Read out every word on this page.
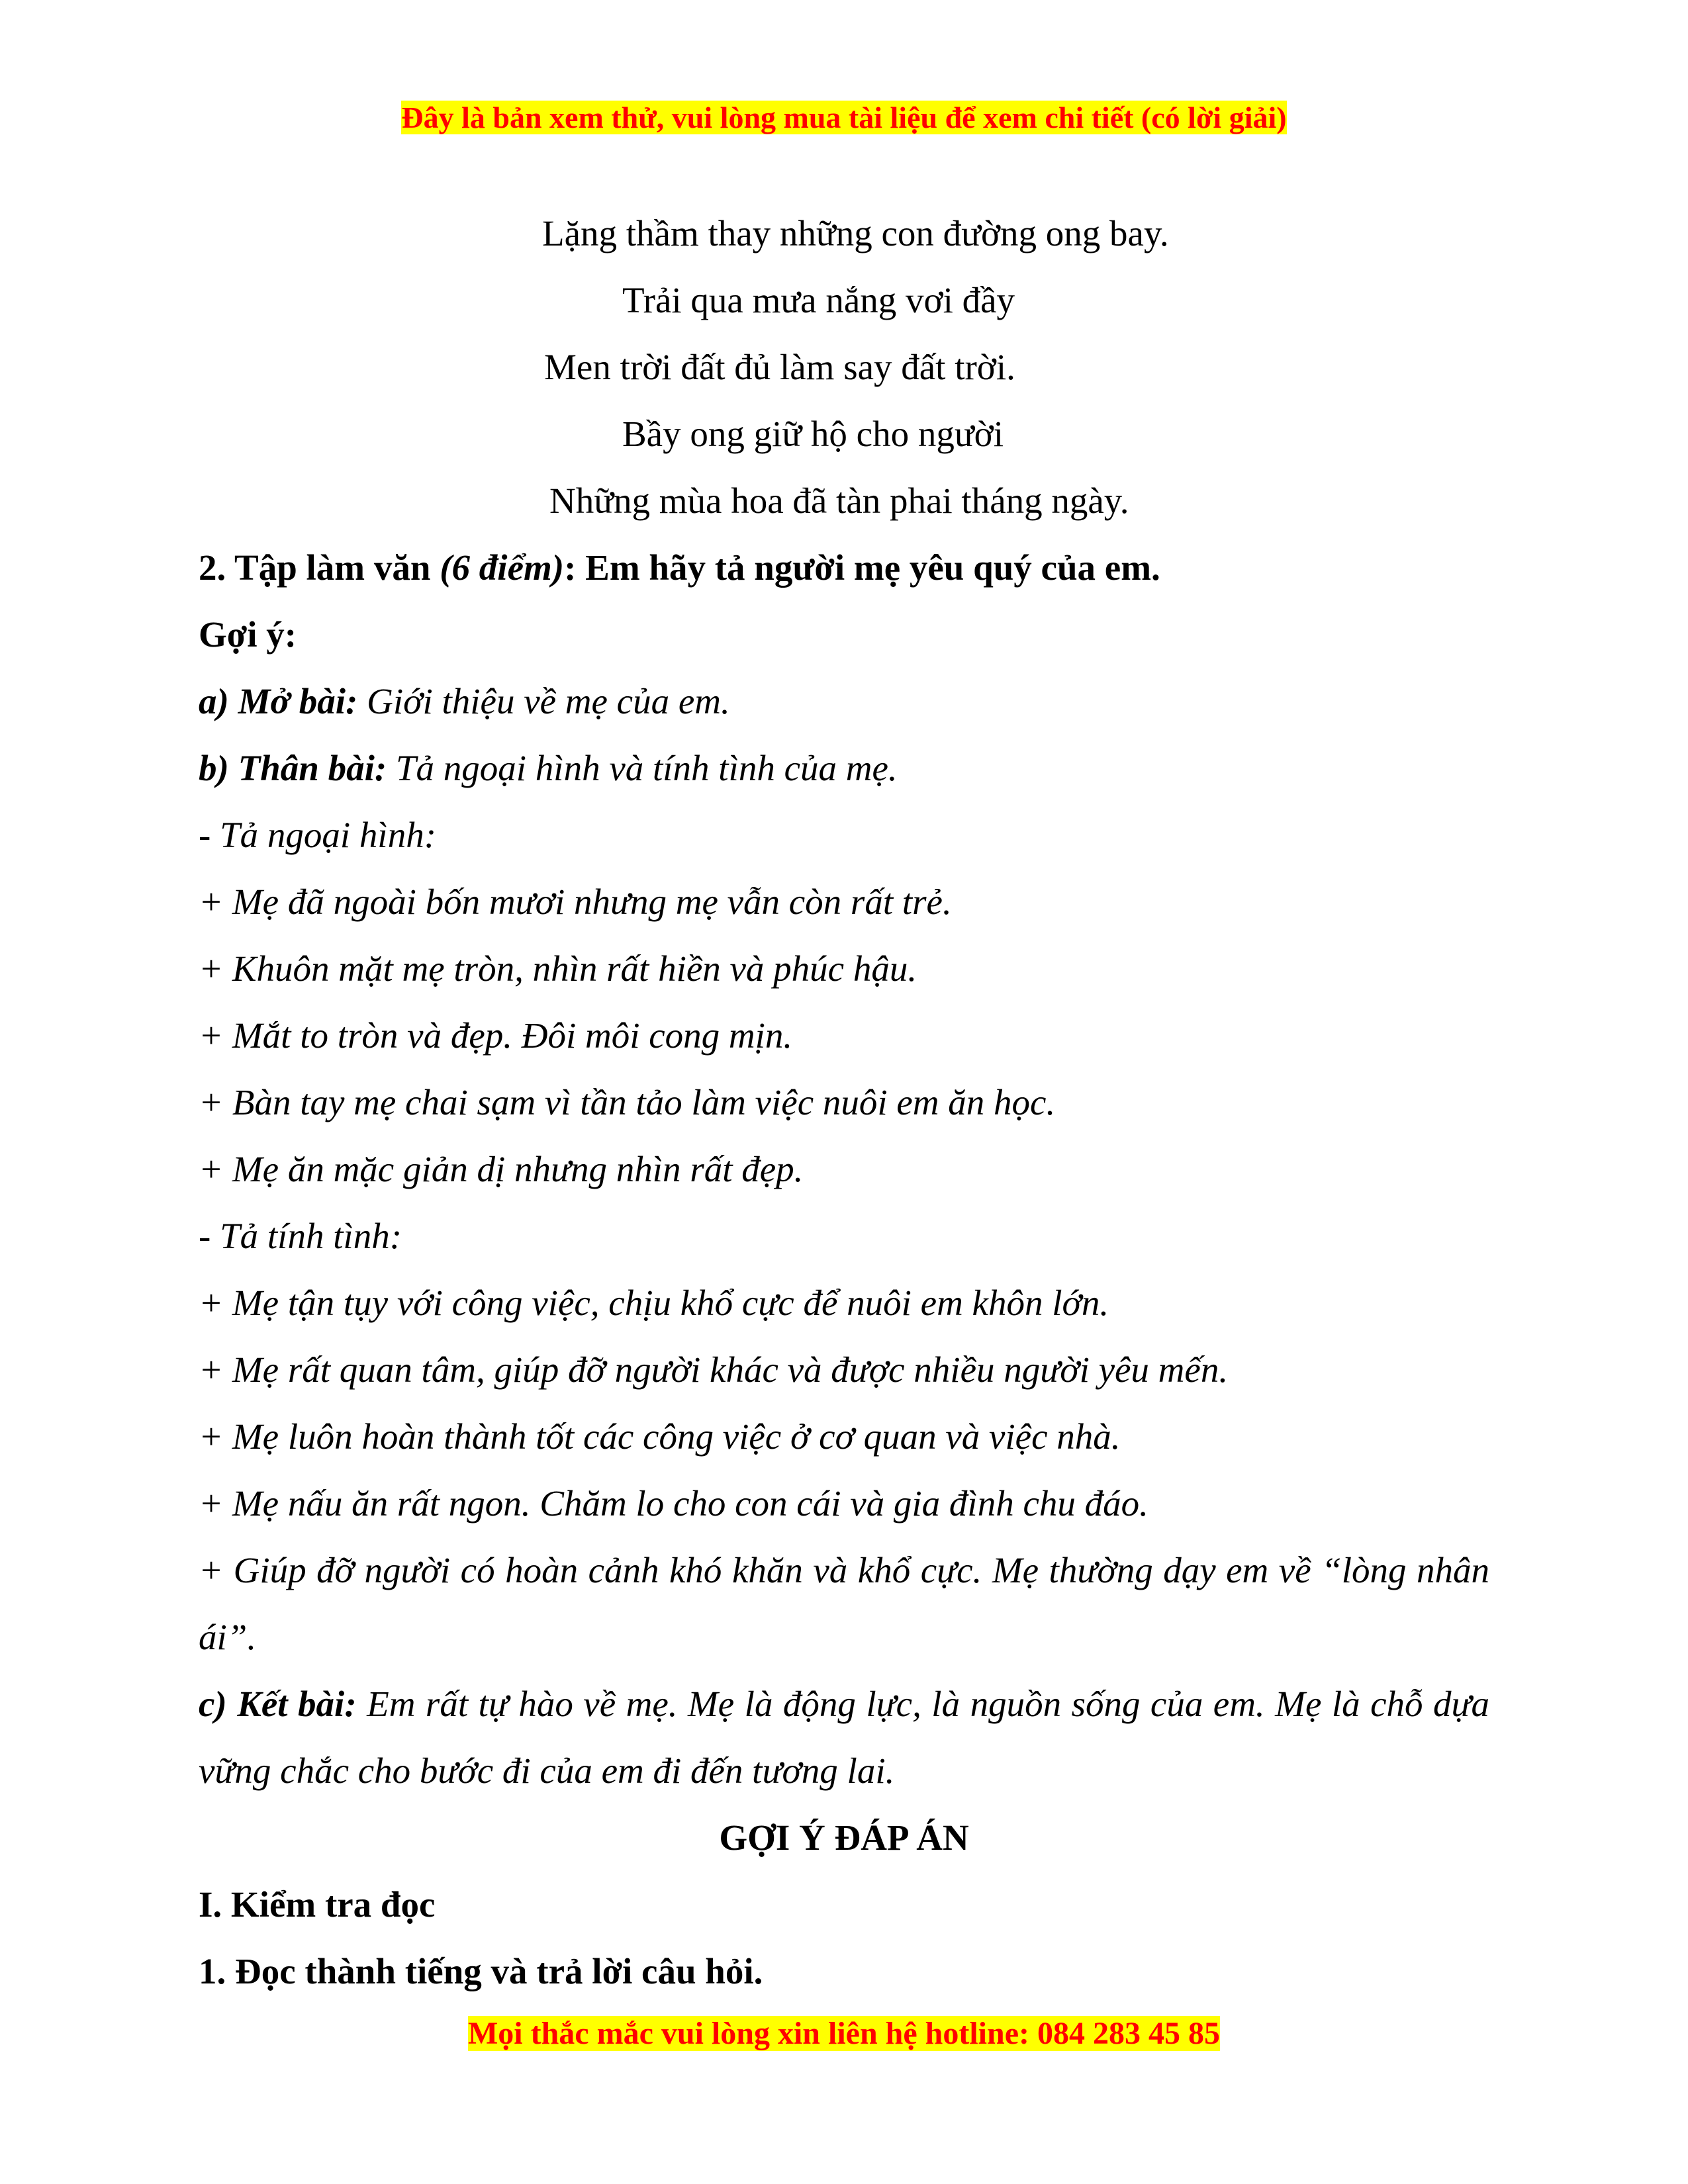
Đây là bản xem thử, vui lòng mua tài liệu để xem chi tiết (có lời giải)
Lặng thầm thay những con đường ong bay.
Trải qua mưa nắng vơi đầy
Men trời đất đủ làm say đất trời.
Bầy ong giữ hộ cho người
Những mùa hoa đã tàn phai tháng ngày.

2. Tập làm văn (6 điểm): Em hãy tả người mẹ yêu quý của em.

Gợi ý:

a) Mở bài: Giới thiệu về mẹ của em.

b) Thân bài: Tả ngoại hình và tính tình của mẹ.

- Tả ngoại hình:

+ Mẹ đã ngoài bốn mươi nhưng mẹ vẫn còn rất trẻ.

+ Khuôn mặt mẹ tròn, nhìn rất hiền và phúc hậu.

+ Mắt to tròn và đẹp. Đôi môi cong mịn.

+ Bàn tay mẹ chai sạm vì tần tảo làm việc nuôi em ăn học.

+ Mẹ ăn mặc giản dị nhưng nhìn rất đẹp.

- Tả tính tình:

+ Mẹ tận tụy với công việc, chịu khổ cực để nuôi em khôn lớn.

+ Mẹ rất quan tâm, giúp đỡ người khác và được nhiều người yêu mến.

+ Mẹ luôn hoàn thành tốt các công việc ở cơ quan và việc nhà.

+ Mẹ nấu ăn rất ngon. Chăm lo cho con cái và gia đình chu đáo.

+ Giúp đỡ người có hoàn cảnh khó khăn và khổ cực. Mẹ thường dạy em về “lòng nhân ái”.

c) Kết bài: Em rất tự hào về mẹ. Mẹ là động lực, là nguồn sống của em. Mẹ là chỗ dựa vững chắc cho bước đi của em đi đến tương lai.

GỢI Ý ĐÁP ÁN

I. Kiểm tra đọc

1. Đọc thành tiếng và trả lời câu hỏi.

Mọi thắc mắc vui lòng xin liên hệ hotline: 084 283 45 85
